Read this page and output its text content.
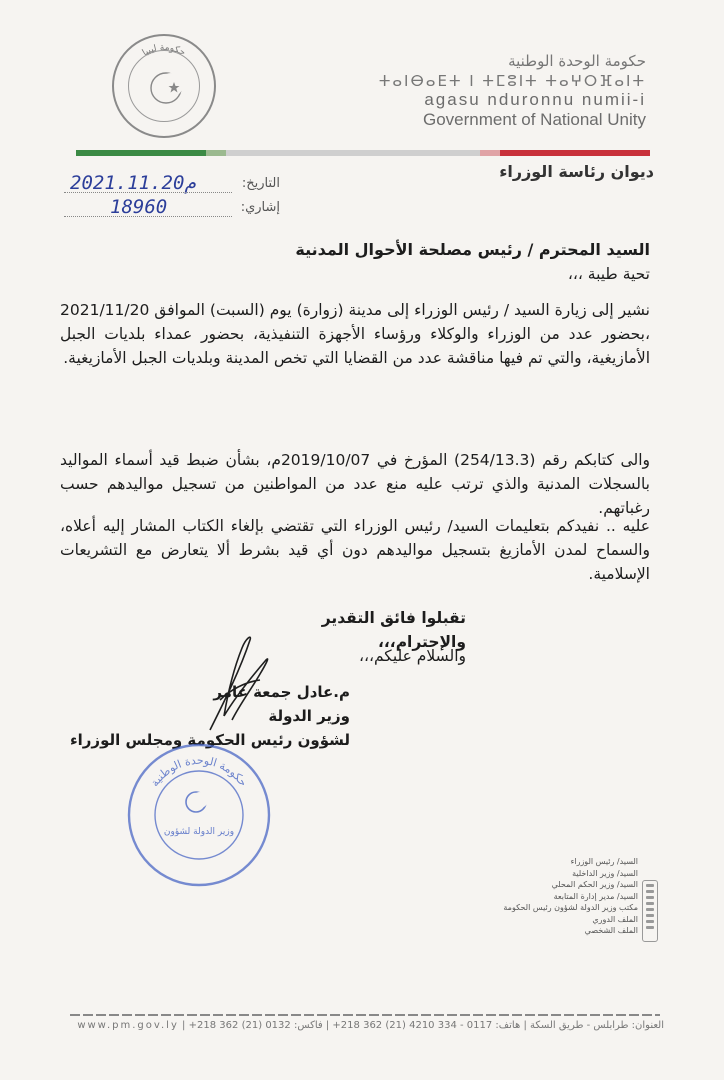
حكومة ليبيا	حكومة الوحدة الوطنية
ⵜⴰⵏⴱⴰⴹⵜ ⵏ ⵜⵎⵓⵏⵜ ⵜⴰⵖⵔⴼⴰⵏⵜ
agasu nduronnu numii-i
Government of National Unity
ديوان رئاسة الوزراء
التاريخ:
2021.11.20م
إشاري:
18960
السيد المحترم / رئيس مصلحة الأحوال المدنية
تحية طيبة ،،،
نشير إلى زيارة السيد / رئيس الوزراء إلى مدينة (زوارة) يوم (السبت) الموافق 2021/11/20 ،بحضور عدد من الوزراء والوكلاء ورؤساء الأجهزة التنفيذية، بحضور عمداء بلديات الجبل الأمازيغية، والتي تم فيها مناقشة عدد من القضايا التي تخص المدينة وبلديات الجبل الأمازيغية.
والى كتابكم رقم (254/13.3) المؤرخ في 2019/10/07م، بشأن ضبط قيد أسماء المواليد بالسجلات المدنية والذي ترتب عليه منع عدد من المواطنين من تسجيل مواليدهم حسب رغباتهم.
عليه .. نفيدكم بتعليمات السيد/ رئيس الوزراء التي تقتضي بإلغاء الكتاب المشار إليه أعلاه، والسماح لمدن الأمازيغ بتسجيل مواليدهم دون أي قيد بشرط ألا يتعارض مع التشريعات الإسلامية.
تقبلوا فائق التقدير والإحترام،،،
والسلام عليكم،،،
م.عادل جمعة عامر
وزير الدولة
لشؤون رئيس الحكومة ومجلس الوزراء
حكومة الوحدة الوطنية
وزير الدولة لشؤون
السيد/ رئيس الوزراء
السيد/ وزير الداخلية
السيد/ وزير الحكم المحلي
السيد/ مدير إدارة المتابعة
مكتب وزير الدولة لشؤون رئيس الحكومة
الملف الدوري
الملف الشخصي
العنوان: طرابلس - طريق السكة | هاتف: 0117 - 334 4210 (21) 362 218+ | فاكس: 0132 (21) 362 218+ | www.pm.gov.ly
